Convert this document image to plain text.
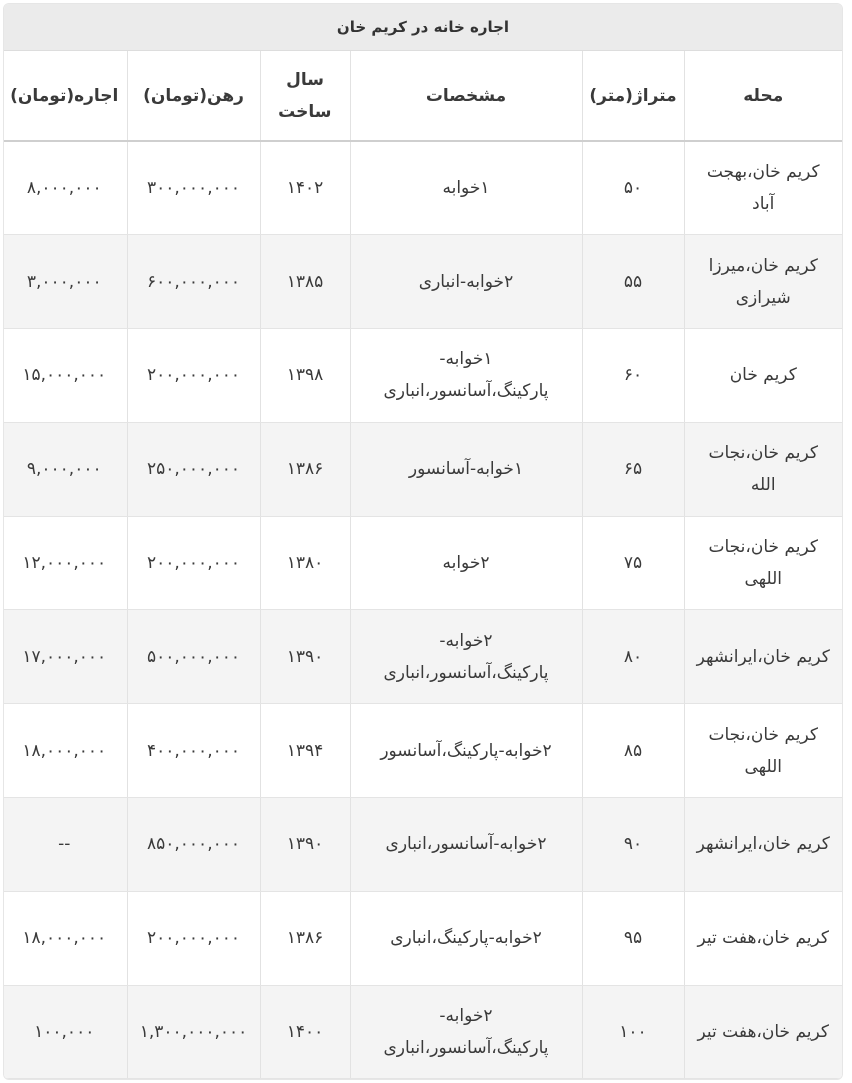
اجاره خانه در کریم خان
محله	متراژ(متر)	مشخصات	سال ساخت	رهن(تومان)	اجاره(تومان)
کریم خان،بهجت آباد	۵۰	۱خوابه	۱۴۰۲	۳۰۰,۰۰۰,۰۰۰	۸,۰۰۰,۰۰۰
کریم خان،میرزا شیرازی	۵۵	۲خوابه-انباری	۱۳۸۵	۶۰۰,۰۰۰,۰۰۰	۳,۰۰۰,۰۰۰
کریم خان	۶۰	۱خوابه-پارکینگ،آسانسور،انباری	۱۳۹۸	۲۰۰,۰۰۰,۰۰۰	۱۵,۰۰۰,۰۰۰
کریم خان،نجات الله	۶۵	۱خوابه-آسانسور	۱۳۸۶	۲۵۰,۰۰۰,۰۰۰	۹,۰۰۰,۰۰۰
کریم خان،نجات اللهی	۷۵	۲خوابه	۱۳۸۰	۲۰۰,۰۰۰,۰۰۰	۱۲,۰۰۰,۰۰۰
کریم خان،ایرانشهر	۸۰	۲خوابه-پارکینگ،آسانسور،انباری	۱۳۹۰	۵۰۰,۰۰۰,۰۰۰	۱۷,۰۰۰,۰۰۰
کریم خان،نجات اللهی	۸۵	۲خوابه-پارکینگ،آسانسور	۱۳۹۴	۴۰۰,۰۰۰,۰۰۰	۱۸,۰۰۰,۰۰۰
کریم خان،ایرانشهر	۹۰	۲خوابه-آسانسور،انباری	۱۳۹۰	۸۵۰,۰۰۰,۰۰۰	--
کریم خان،هفت تیر	۹۵	۲خوابه-پارکینگ،انباری	۱۳۸۶	۲۰۰,۰۰۰,۰۰۰	۱۸,۰۰۰,۰۰۰
کریم خان،هفت تیر	۱۰۰	۲خوابه-پارکینگ،آسانسور،انباری	۱۴۰۰	۱,۳۰۰,۰۰۰,۰۰۰	۱۰۰,۰۰۰
